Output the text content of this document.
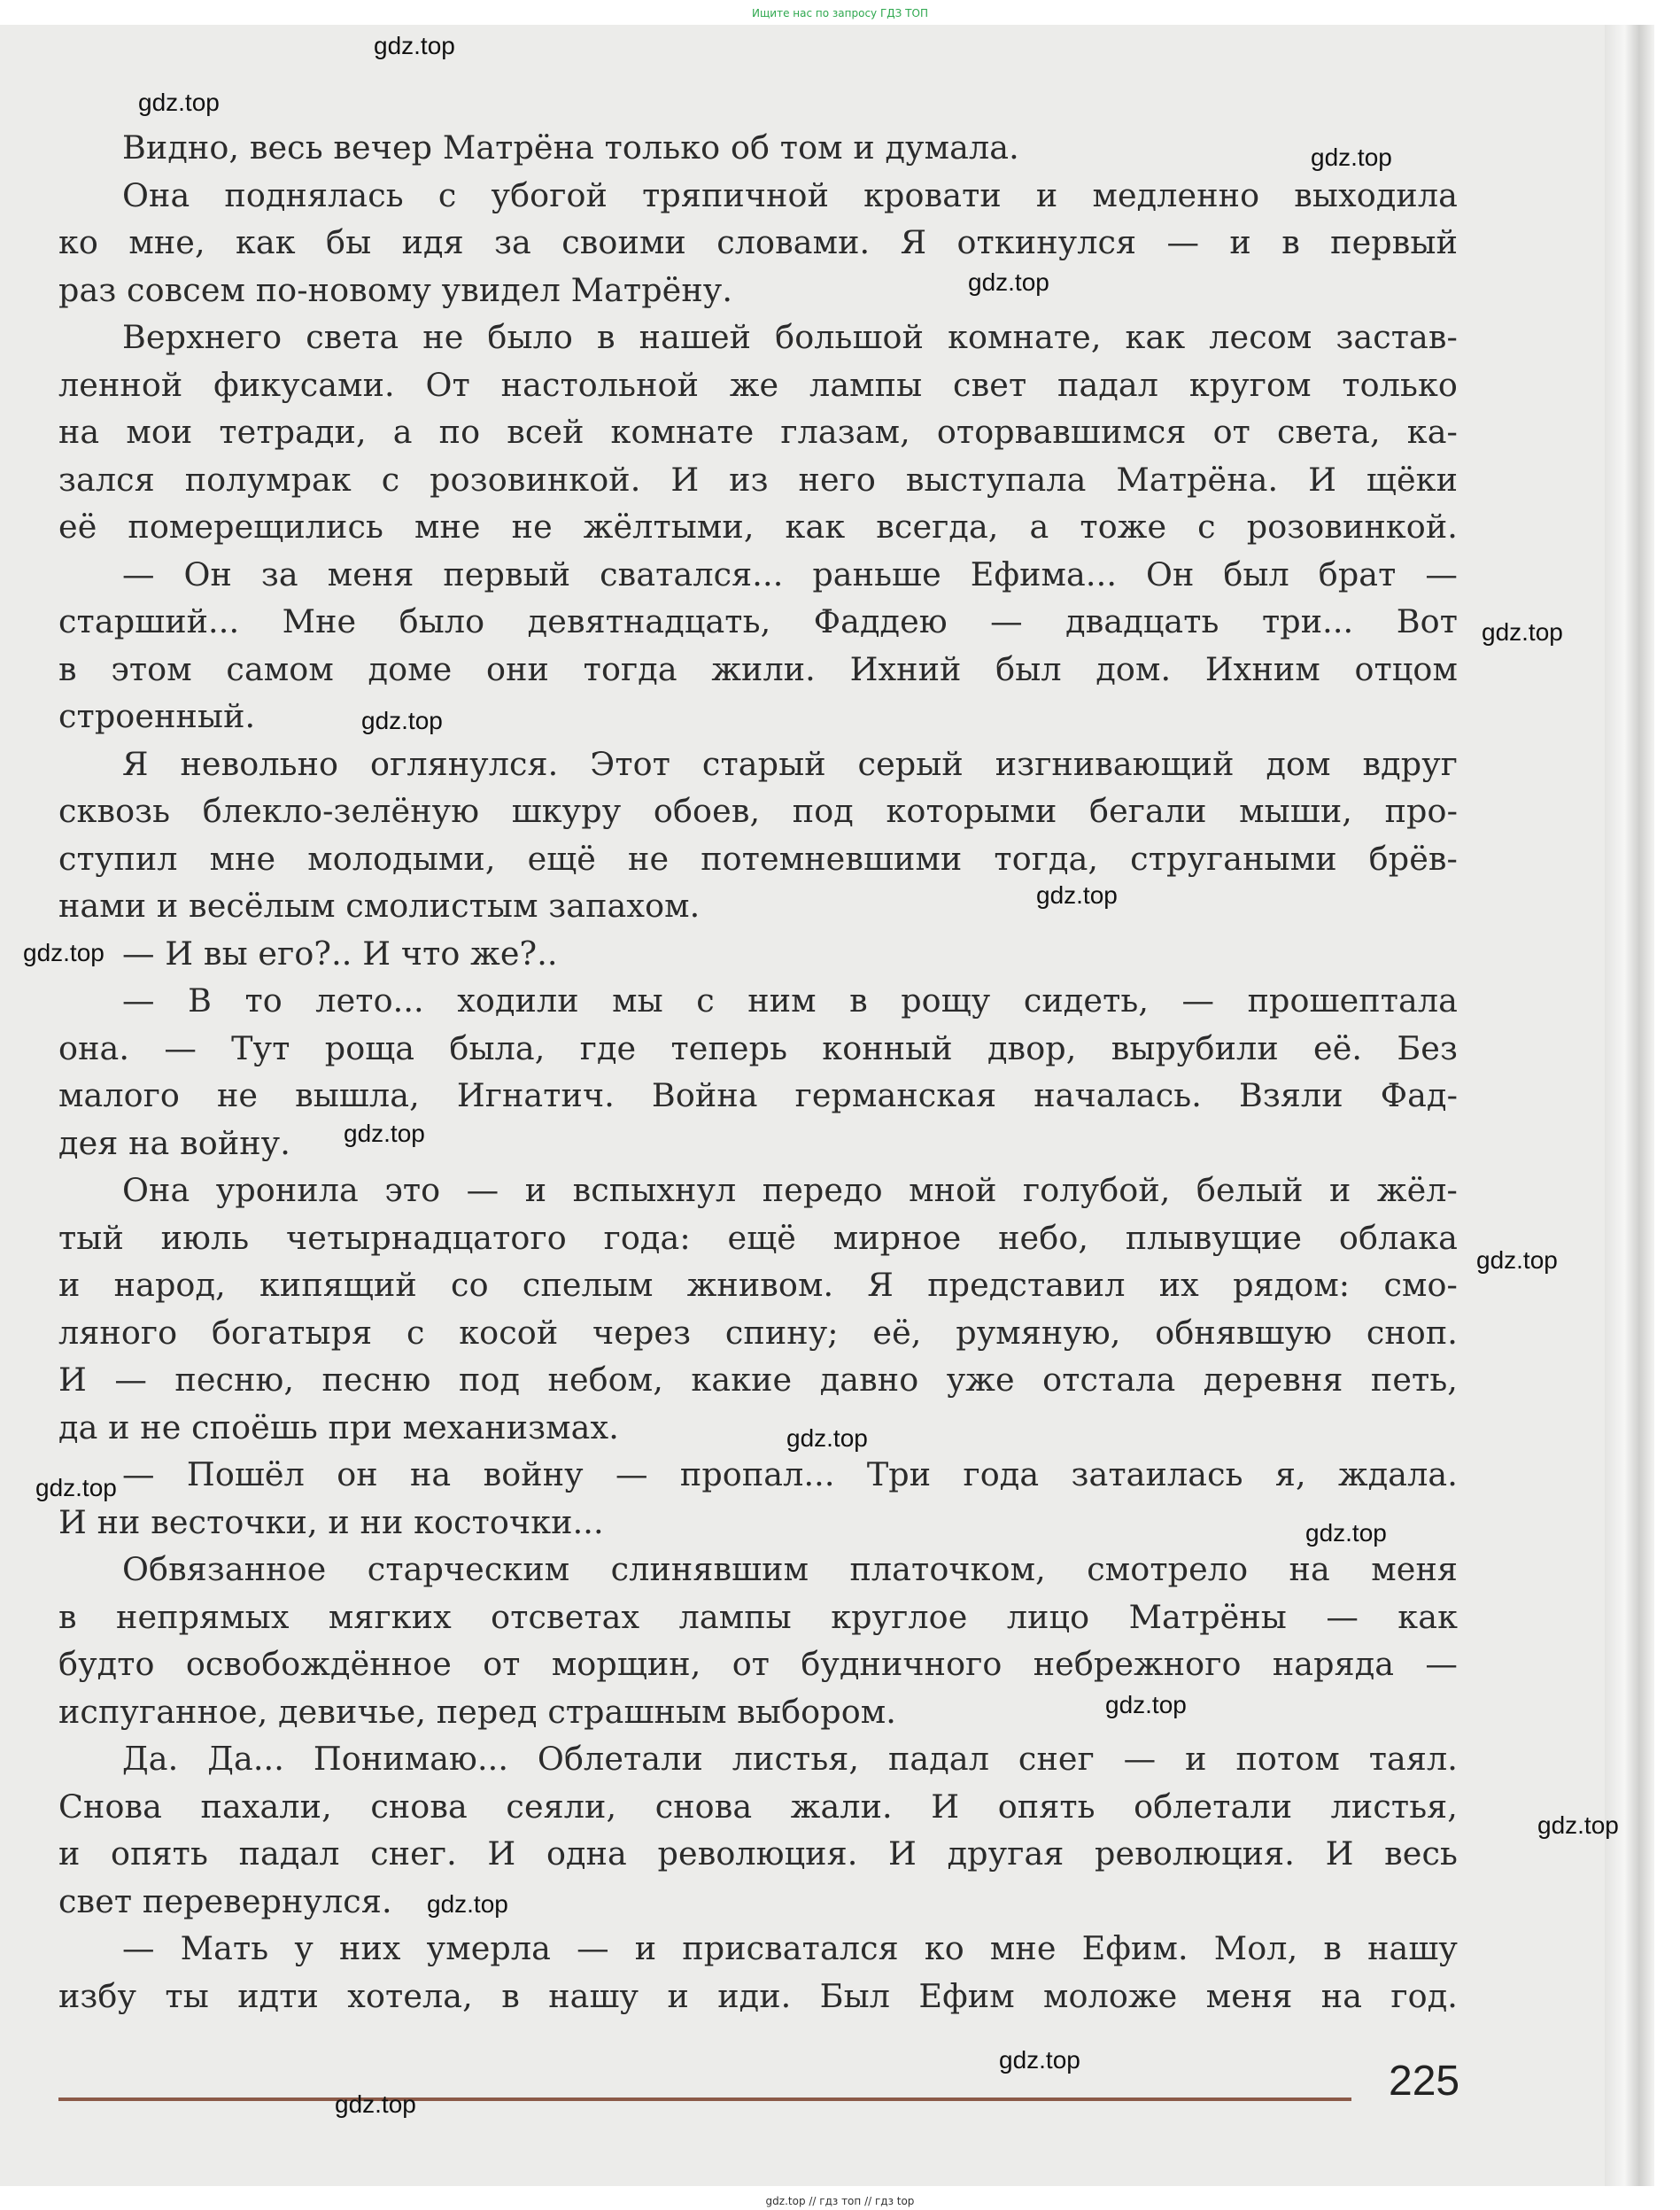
Ищите нас по запросу ГДЗ ТОП
Видно, весь вечер Матрёна только об том и думала.
Она поднялась с убогой тряпичной кровати и медленно выходила
ко мне, как бы идя за своими словами. Я откинулся — и в первый
раз совсем по-новому увидел Матрёну.
Верхнего света не было в нашей большой комнате, как лесом застав-
ленной фикусами. От настольной же лампы свет падал кругом только
на мои тетради, а по всей комнате глазам, оторвавшимся от света, ка-
зался полумрак с розовинкой. И из него выступала Матрёна. И щёки
её померещились мне не жёлтыми, как всегда, а тоже с розовинкой.
— Он за меня первый сватался... раньше Ефима... Он был брат —
старший... Мне было девятнадцать, Фаддею — двадцать три... Вот
в этом самом доме они тогда жили. Ихний был дом. Ихним отцом
строенный.
Я невольно оглянулся. Этот старый серый изгнивающий дом вдруг
сквозь блекло-зелёную шкуру обоев, под которыми бегали мыши, про-
ступил мне молодыми, ещё не потемневшими тогда, стругаными брёв-
нами и весёлым смолистым запахом.
— И вы его?.. И что же?..
— В то лето... ходили мы с ним в рощу сидеть, — прошептала
она. — Тут роща была, где теперь конный двор, вырубили её. Без
малого не вышла, Игнатич. Война германская началась. Взяли Фад-
дея на войну.
Она уронила это — и вспыхнул передо мной голубой, белый и жёл-
тый июль четырнадцатого года: ещё мирное небо, плывущие облака
и народ, кипящий со спелым жнивом. Я представил их рядом: смо-
ляного богатыря с косой через спину; её, румяную, обнявшую сноп.
И — песню, песню под небом, какие давно уже отстала деревня петь,
да и не споёшь при механизмах.
— Пошёл он на войну — пропал... Три года затаилась я, ждала.
И ни весточки, и ни косточки...
Обвязанное старческим слинявшим платочком, смотрело на меня
в непрямых мягких отсветах лампы круглое лицо Матрёны — как
будто освобождённое от морщин, от будничного небрежного наряда —
испуганное, девичье, перед страшным выбором.
Да. Да... Понимаю... Облетали листья, падал снег — и потом таял.
Снова пахали, снова сеяли, снова жали. И опять облетали листья,
и опять падал снег. И одна революция. И другая революция. И весь
свет перевернулся.
— Мать у них умерла — и присватался ко мне Ефим. Мол, в нашу
избу ты идти хотела, в нашу и иди. Был Ефим моложе меня на год.
225
gdz.top
gdz.top
gdz.top
gdz.top
gdz.top
gdz.top
gdz.top
gdz.top
gdz.top
gdz.top
gdz.top
gdz.top
gdz.top
gdz.top
gdz.top
gdz.top
gdz.top
gdz.top
gdz.top // гдз топ // гдз top
